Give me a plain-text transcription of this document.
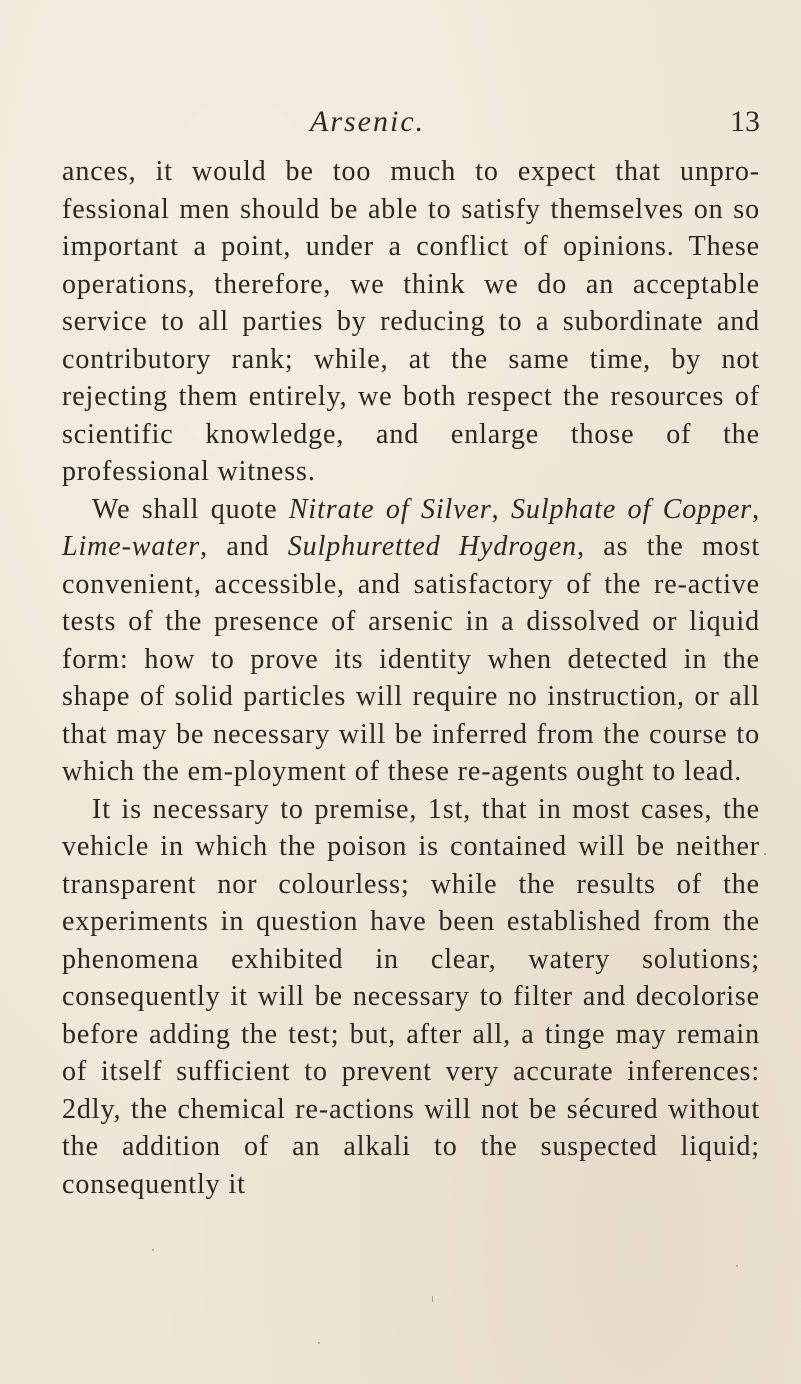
Arsenic.	13

ances, it would be too much to expect that unpro-fessional men should be able to satisfy themselves on so important a point, under a conflict of opinions. These operations, therefore, we think we do an acceptable service to all parties by reducing to a subordinate and contributory rank; while, at the same time, by not rejecting them entirely, we both respect the resources of scientific knowledge, and enlarge those of the professional witness.

We shall quote Nitrate of Silver, Sulphate of Copper, Lime-water, and Sulphuretted Hydrogen, as the most convenient, accessible, and satisfactory of the re-active tests of the presence of arsenic in a dissolved or liquid form: how to prove its identity when detected in the shape of solid particles will require no instruction, or all that may be necessary will be inferred from the course to which the em-ployment of these re-agents ought to lead.

It is necessary to premise, 1st, that in most cases, the vehicle in which the poison is contained will be neither transparent nor colourless; while the results of the experiments in question have been established from the phenomena exhibited in clear, watery solutions; consequently it will be necessary to filter and decolorise before adding the test; but, after all, a tinge may remain of itself sufficient to prevent very accurate inferences: 2dly, the chemical re-actions will not be sécured without the addition of an alkali to the suspected liquid; consequently it
